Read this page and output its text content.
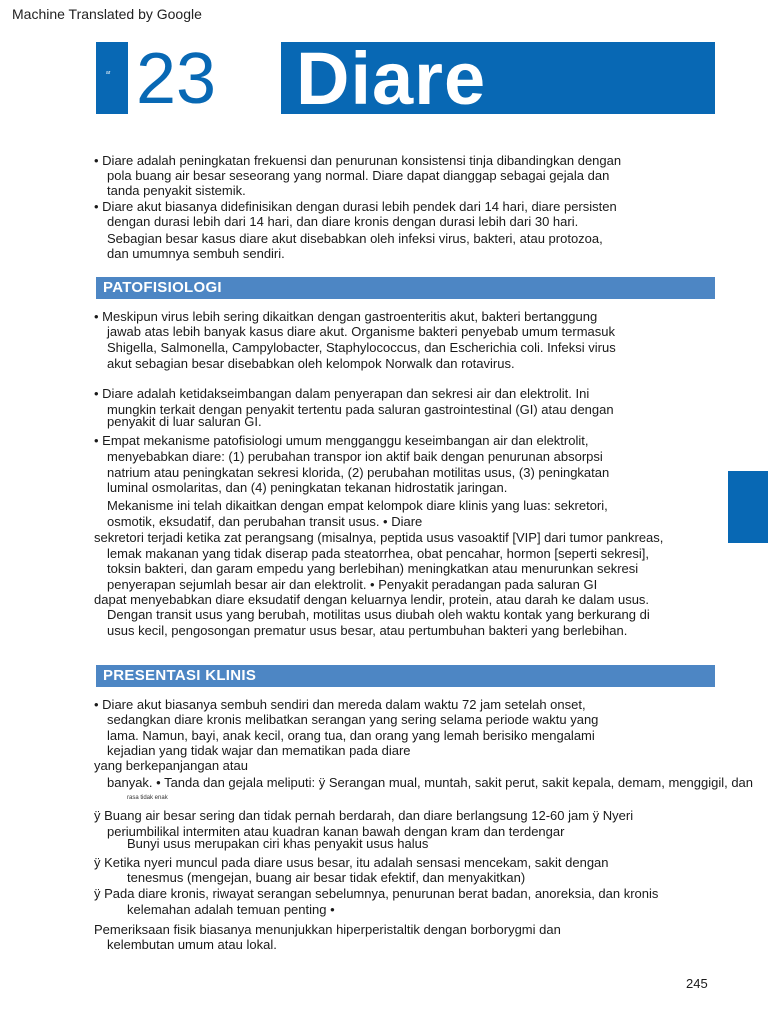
Machine Translated by Google
ar 23 Diare
• Diare adalah peningkatan frekuensi dan penurunan konsistensi tinja dibandingkan dengan
pola buang air besar seseorang yang normal. Diare dapat dianggap sebagai gejala dan
tanda penyakit sistemik.
• Diare akut biasanya didefinisikan dengan durasi lebih pendek dari 14 hari, diare persisten
dengan durasi lebih dari 14 hari, dan diare kronis dengan durasi lebih dari 30 hari.
Sebagian besar kasus diare akut disebabkan oleh infeksi virus, bakteri, atau protozoa,
dan umumnya sembuh sendiri.
PATOFISIOLOGI
• Meskipun virus lebih sering dikaitkan dengan gastroenteritis akut, bakteri bertanggung
jawab atas lebih banyak kasus diare akut. Organisme bakteri penyebab umum termasuk
Shigella, Salmonella, Campylobacter, Staphylococcus, dan Escherichia coli. Infeksi virus
akut sebagian besar disebabkan oleh kelompok Norwalk dan rotavirus.
• Diare adalah ketidakseimbangan dalam penyerapan dan sekresi air dan elektrolit. Ini
mungkin terkait dengan penyakit tertentu pada saluran gastrointestinal (GI) atau dengan
penyakit di luar saluran GI.
• Empat mekanisme patofisiologi umum mengganggu keseimbangan air dan elektrolit,
menyebabkan diare: (1) perubahan transpor ion aktif baik dengan penurunan absorpsi
natrium atau peningkatan sekresi klorida, (2) perubahan motilitas usus, (3) peningkatan
luminal osmolaritas, dan (4) peningkatan tekanan hidrostatik jaringan.
Mekanisme ini telah dikaitkan dengan empat kelompok diare klinis yang luas: sekretori,
osmotik, eksudatif, dan perubahan transit usus. • Diare
sekretori terjadi ketika zat perangsang (misalnya, peptida usus vasoaktif [VIP] dari tumor pankreas,
lemak makanan yang tidak diserap pada steatorrhea, obat pencahar, hormon [seperti sekresi],
toksin bakteri, dan garam empedu yang berlebihan) meningkatkan atau menurunkan sekresi
penyerapan sejumlah besar air dan elektrolit. • Penyakit peradangan pada saluran GI
dapat menyebabkan diare eksudatif dengan keluarnya lendir, protein, atau darah ke dalam usus.
Dengan transit usus yang berubah, motilitas usus diubah oleh waktu kontak yang berkurang di
usus kecil, pengosongan prematur usus besar, atau pertumbuhan bakteri yang berlebihan.
PRESENTASI KLINIS
• Diare akut biasanya sembuh sendiri dan mereda dalam waktu 72 jam setelah onset,
sedangkan diare kronis melibatkan serangan yang sering selama periode waktu yang
lama. Namun, bayi, anak kecil, orang tua, dan orang yang lemah berisiko mengalami
kejadian yang tidak wajar dan mematikan pada diare
yang berkepanjangan atau
banyak. • Tanda dan gejala meliputi: ÿ Serangan mual, muntah, sakit perut, sakit kepala, demam, menggigil, dan
rasa tidak enak
ÿ Buang air besar sering dan tidak pernah berdarah, dan diare berlangsung 12-60 jam ÿ Nyeri
periumbilikal intermiten atau kuadran kanan bawah dengan kram dan terdengar
Bunyi usus merupakan ciri khas penyakit usus halus
ÿ Ketika nyeri muncul pada diare usus besar, itu adalah sensasi mencekam, sakit dengan
tenesmus (mengejan, buang air besar tidak efektif, dan menyakitkan)
ÿ Pada diare kronis, riwayat serangan sebelumnya, penurunan berat badan, anoreksia, dan kronis
kelemahan adalah temuan penting •
Pemeriksaan fisik biasanya menunjukkan hiperperistaltik dengan borborygmi dan
kelembutan umum atau lokal.
245
